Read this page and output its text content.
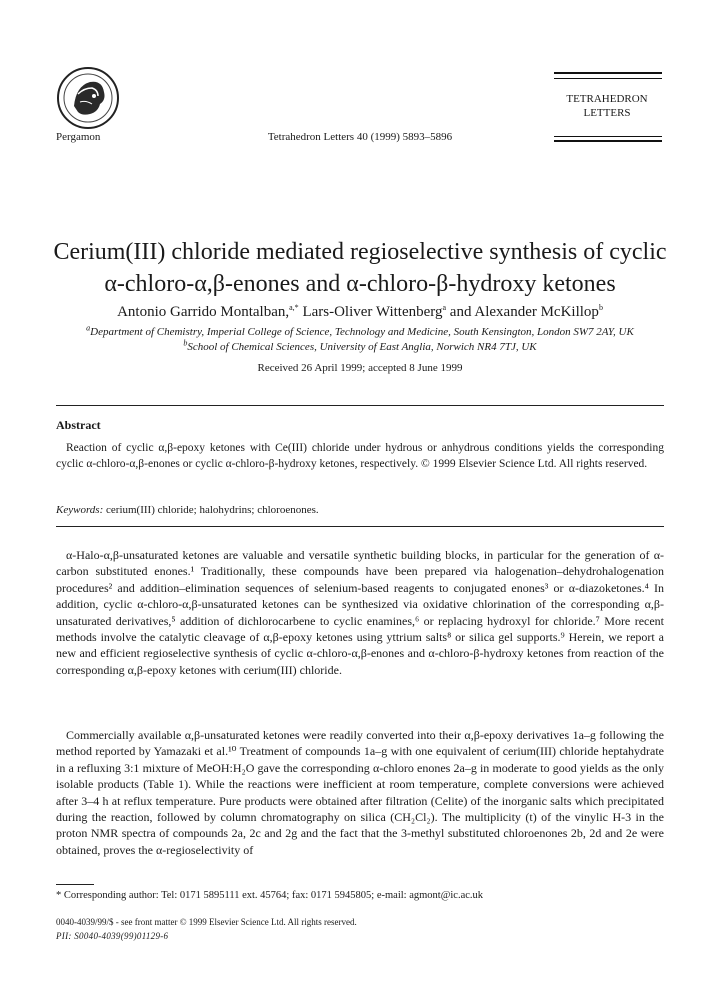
Pergamon	Tetrahedron Letters 40 (1999) 5893–5896
TETRAHEDRON LETTERS
Cerium(III) chloride mediated regioselective synthesis of cyclic
α-chloro-α,β-enones and α-chloro-β-hydroxy ketones
Antonio Garrido Montalban,$^{a,*}$ Lars-Oliver Wittenberg$^a$ and Alexander McKillop$^b$
$^a$Department of Chemistry, Imperial College of Science, Technology and Medicine, South Kensington, London SW7 2AY, UK
$^b$School of Chemical Sciences, University of East Anglia, Norwich NR4 7TJ, UK
Received 26 April 1999; accepted 8 June 1999
Abstract
Reaction of cyclic α,β-epoxy ketones with Ce(III) chloride under hydrous or anhydrous conditions yields the corresponding cyclic α-chloro-α,β-enones or cyclic α-chloro-β-hydroxy ketones, respectively. © 1999 Elsevier Science Ltd. All rights reserved.
Keywords: cerium(III) chloride; halohydrins; chloroenones.
α-Halo-α,β-unsaturated ketones are valuable and versatile synthetic building blocks, in particular for the generation of α-carbon substituted enones.¹ Traditionally, these compounds have been prepared via halogenation–dehydrohalogenation procedures² and addition–elimination sequences of selenium-based reagents to conjugated enones³ or α-diazoketones.⁴ In addition, cyclic α-chloro-α,β-unsaturated ketones can be synthesized via oxidative chlorination of the corresponding α,β-unsaturated derivatives,⁵ addition of dichlorocarbene to cyclic enamines,⁶ or replacing hydroxyl for chloride.⁷ More recent methods involve the catalytic cleavage of α,β-epoxy ketones using yttrium salts⁸ or silica gel supports.⁹ Herein, we report a new and efficient regioselective synthesis of cyclic α-chloro-α,β-enones and α-chloro-β-hydroxy ketones from reaction of the corresponding α,β-epoxy ketones with cerium(III) chloride.
Commercially available α,β-unsaturated ketones were readily converted into their α,β-epoxy derivatives 1a–g following the method reported by Yamazaki et al.¹⁰ Treatment of compounds 1a–g with one equivalent of cerium(III) chloride heptahydrate in a refluxing 3:1 mixture of MeOH:H₂O gave the corresponding α-chloro enones 2a–g in moderate to good yields as the only isolable products (Table 1). While the reactions were inefficient at room temperature, complete conversions were achieved after 3–4 h at reflux temperature. Pure products were obtained after filtration (Celite) of the inorganic salts which precipitated during the reaction, followed by column chromatography on silica (CH₂Cl₂). The multiplicity (t) of the vinylic H-3 in the proton NMR spectra of compounds 2a, 2c and 2g and the fact that the 3-methyl substituted chloroenones 2b, 2d and 2e were obtained, proves the α-regioselectivity of
* Corresponding author: Tel: 0171 5895111 ext. 45764; fax: 0171 5945805; e-mail: agmont@ic.ac.uk
0040-4039/99/$ - see front matter © 1999 Elsevier Science Ltd. All rights reserved.
PII: S0040-4039(99)01129-6
